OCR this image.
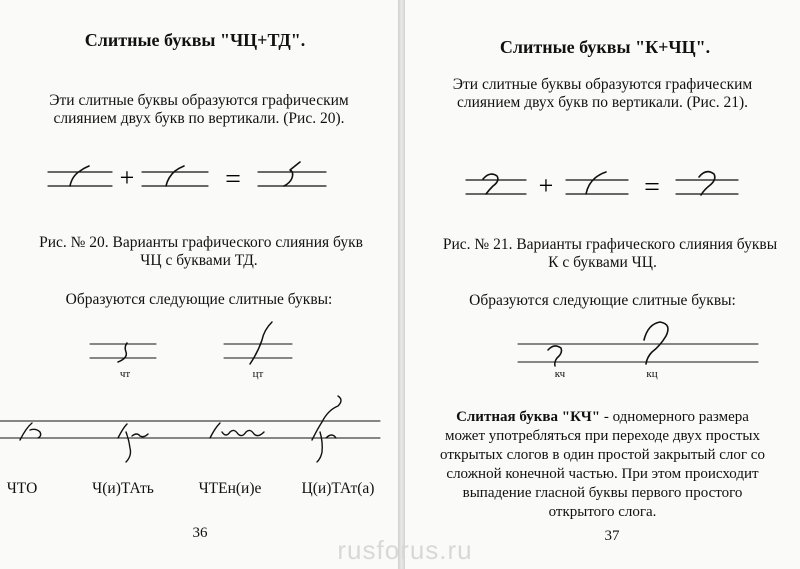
Слитные буквы "ЧЦ+ТД".
Эти слитные буквы образуются графическим
слиянием двух букв по вертикали. (Рис. 20).
Рис. № 20. Варианты графического слияния букв
ЧЦ с буквами ТД.
Образуются следующие слитные буквы:
чт	цт
ЧТО	Ч(и)ТАть	ЧТЕн(и)е	Ц(и)ТАт(а)
36
Слитные буквы "К+ЧЦ".
Эти слитные буквы образуются графическим
слиянием двух букв по вертикали. (Рис. 21).
Рис. № 21. Варианты графического слияния буквы
К с буквами ЧЦ.
Образуются следующие слитные буквы:
кч	кц
Слитная буква "КЧ" - одномерного размера
может употребляться при переходе двух простых
открытых слогов в один простой закрытый слог со
сложной конечной частью. При этом происходит
выпадение гласной буквы первого простого
открытого слога.
37
rusforus.ru
+	=	+	=
